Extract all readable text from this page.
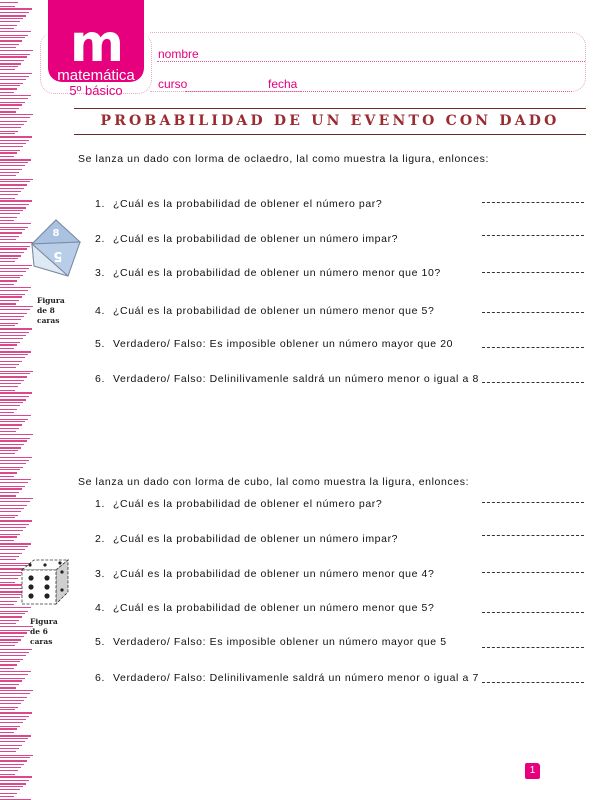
m
matemática
5º básico
nombre
curso	fecha
PROBABILIDAD DE UN EVENTO CON DADO
Se lanza un dado con lorma de oclaedro, lal como muestra la ligura, enlonces:
8
5
Figura
de 8
caras
1. ¿Cuál es la probabilidad de oblener el número par?
2. ¿Cuál es la probabilidad de oblener un número impar?
3. ¿Cuál es la probabilidad de oblener un número menor que 10?
4. ¿Cuál es la probabilidad de oblener un número menor que 5?
5. Verdadero/ Falso: Es imposible oblener un número mayor que 20
6. Verdadero/ Falso: Delinilivamenle saldrá un número menor o igual a 8
Se lanza un dado con lorma de cubo, lal como muestra la ligura, enlonces:
Figura
de 6
caras
1. ¿Cuál es la probabilidad de oblener el número par?
2. ¿Cuál es la probabilidad de oblener un número impar?
3. ¿Cuál es la probabilidad de oblener un número menor que 4?
4. ¿Cuál es la probabilidad de oblener un número menor que 5?
5. Verdadero/ Falso: Es imposible oblener un número mayor que 5
6. Verdadero/ Falso: Delinilivamenle saldrá un número menor o igual a 7
1
